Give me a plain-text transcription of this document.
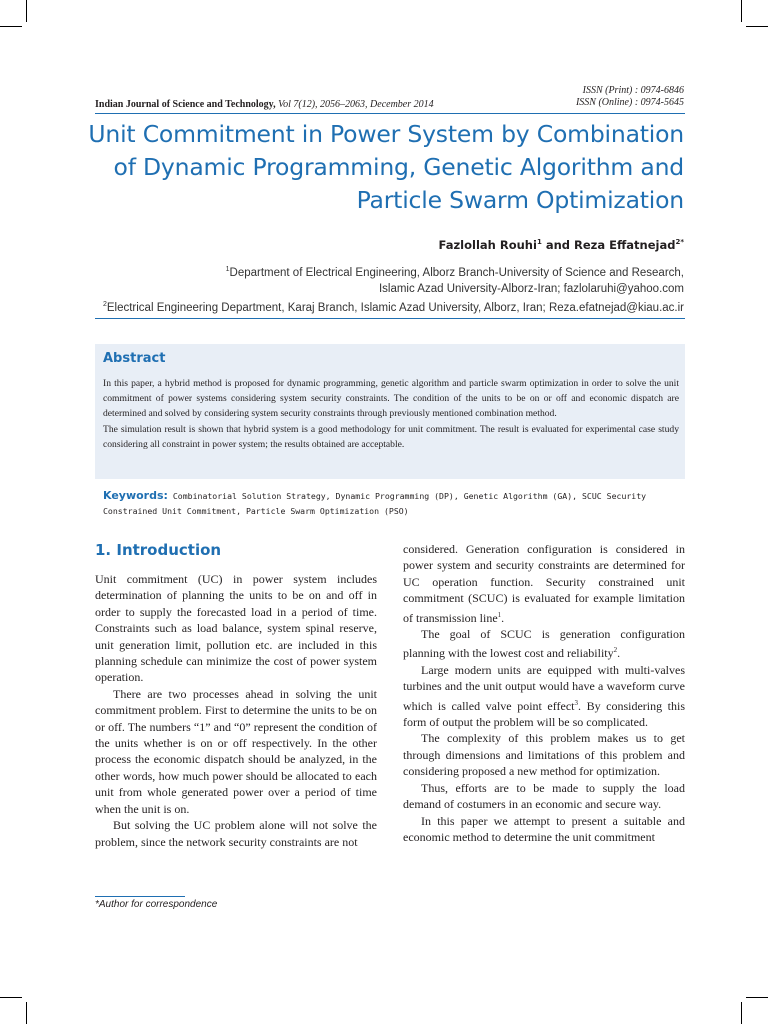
ISSN (Print) : 0974-6846
ISSN (Online) : 0974-5645
Indian Journal of Science and Technology, Vol 7(12), 2056–2063, December 2014
Unit Commitment in Power System by Combination
of Dynamic Programming, Genetic Algorithm and
Particle Swarm Optimization
Fazlollah Rouhi$^1$ and Reza Effatnejad$^{2*}$
$^1$Department of Electrical Engineering, Alborz Branch-University of Science and Research,
Islamic Azad University-Alborz-Iran; fazlolaruhi@yahoo.com
$^2$Electrical Engineering Department, Karaj Branch, Islamic Azad University, Alborz, Iran; Reza.efatnejad@kiau.ac.ir
Abstract

In this paper, a hybrid method is proposed for dynamic programming, genetic algorithm and particle swarm optimization in order to solve the unit commitment of power systems considering system security constraints. The condition of the units to be on or off and economic dispatch are determined and solved by considering system security constraints through previously mentioned combination method.

The simulation result is shown that hybrid system is a good methodology for unit commitment. The result is evaluated for experimental case study considering all constraint in power system; the results obtained are acceptable.

Keywords: Combinatorial Solution Strategy, Dynamic Programming (DP), Genetic Algorithm (GA), SCUC Security Constrained Unit Commitment, Particle Swarm Optimization (PSO)
1. Introduction

Unit commitment (UC) in power system includes determination of planning the units to be on and off in order to supply the forecasted load in a period of time. Constraints such as load balance, system spinal reserve, unit generation limit, pollution etc. are included in this planning schedule can minimize the cost of power system operation.

There are two processes ahead in solving the unit commitment problem. First to determine the units to be on or off. The numbers “1” and “0” represent the condition of the units whether is on or off respectively. In the other process the economic dispatch should be analyzed, in the other words, how much power should be allocated to each unit from whole generated power over a period of time when the unit is on.

But solving the UC problem alone will not solve the problem, since the network security constraints are not

considered. Generation configuration is considered in power system and security constraints are determined for UC operation function. Security constrained unit commitment (SCUC) is evaluated for example limitation of transmission line$^1$.

The goal of SCUC is generation configuration planning with the lowest cost and reliability$^2$.

Large modern units are equipped with multi-valves turbines and the unit output would have a waveform curve which is called valve point effect$^3$. By considering this form of output the problem will be so complicated.

The complexity of this problem makes us to get through dimensions and limitations of this problem and considering proposed a new method for optimization.

Thus, efforts are to be made to supply the load demand of costumers in an economic and secure way.

In this paper we attempt to present a suitable and economic method to determine the unit commitment

*Author for correspondence
